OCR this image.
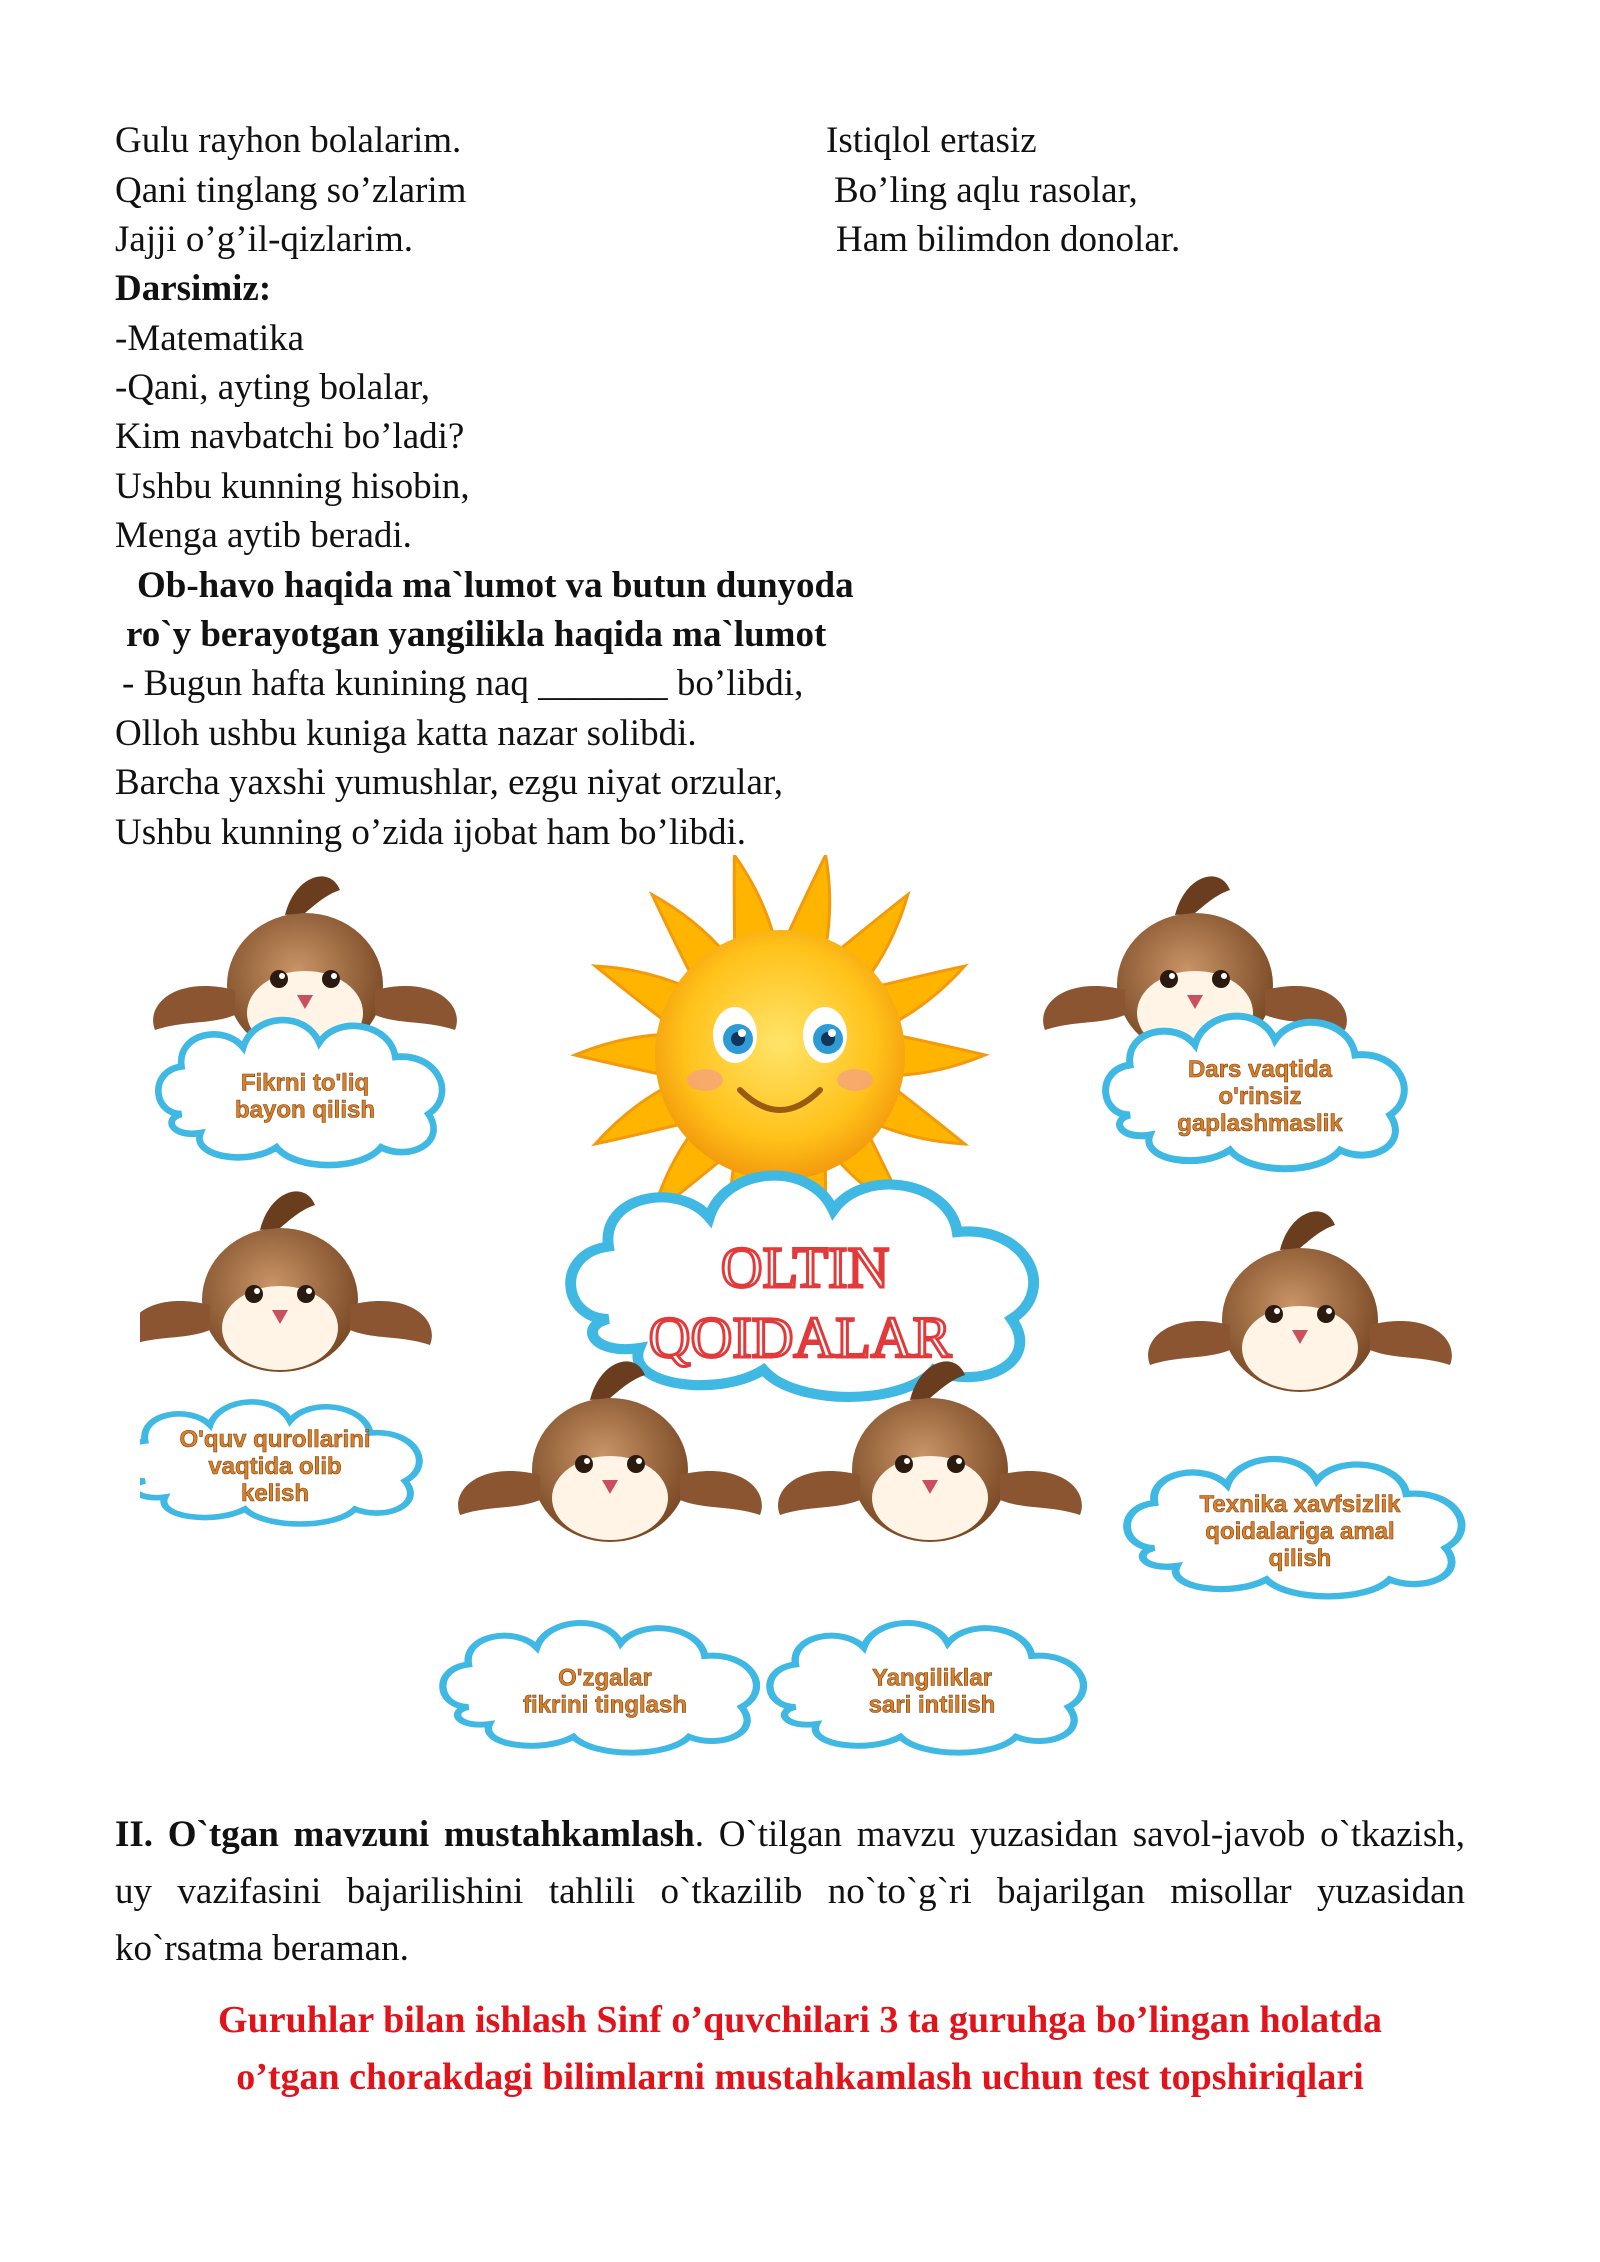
Gulu rayhon bolalarim.
Qani tinglang so’zlarim
Jajji o’g’il-qizlarim.
Istiqlol ertasiz
Bo’ling aqlu rasolar,
Ham bilimdon donolar.
Darsimiz:
-Matematika
-Qani, ayting bolalar,
Kim navbatchi bo’ladi?
Ushbu kunning hisobin,
Menga aytib beradi.
Ob-havo haqida ma`lumot va butun dunyoda
ro`y berayotgan yangilikla haqida ma`lumot
- Bugun hafta kunining naq _______ bo’libdi,
Olloh ushbu kuniga katta nazar solibdi.
Barcha yaxshi yumushlar, ezgu niyat orzular,
Ushbu kunning o’zida ijobat ham bo’libdi.
OLTIN
QOIDALAR
Fikrni to'liq
bayon qilish
Dars vaqtida
o'rinsiz
gaplashmaslik
O'quv qurollarini
vaqtida olib
kelish	Texnika xavfsizlik
qoidalariga amal
qilish
O'zgalar
fikrini tinglash
Yangiliklar
sari intilish
II. O`tgan mavzuni mustahkamlash. O`tilgan mavzu yuzasidan savol-javob o`tkazish, uy vazifasini bajarilishini tahlili o`tkazilib no`to`g`ri bajarilgan misollar yuzasidan ko`rsatma beraman.
Guruhlar bilan ishlash Sinf o’quvchilari 3 ta guruhga bo’lingan holatda
o’tgan chorakdagi bilimlarni mustahkamlash uchun test topshiriqlari
